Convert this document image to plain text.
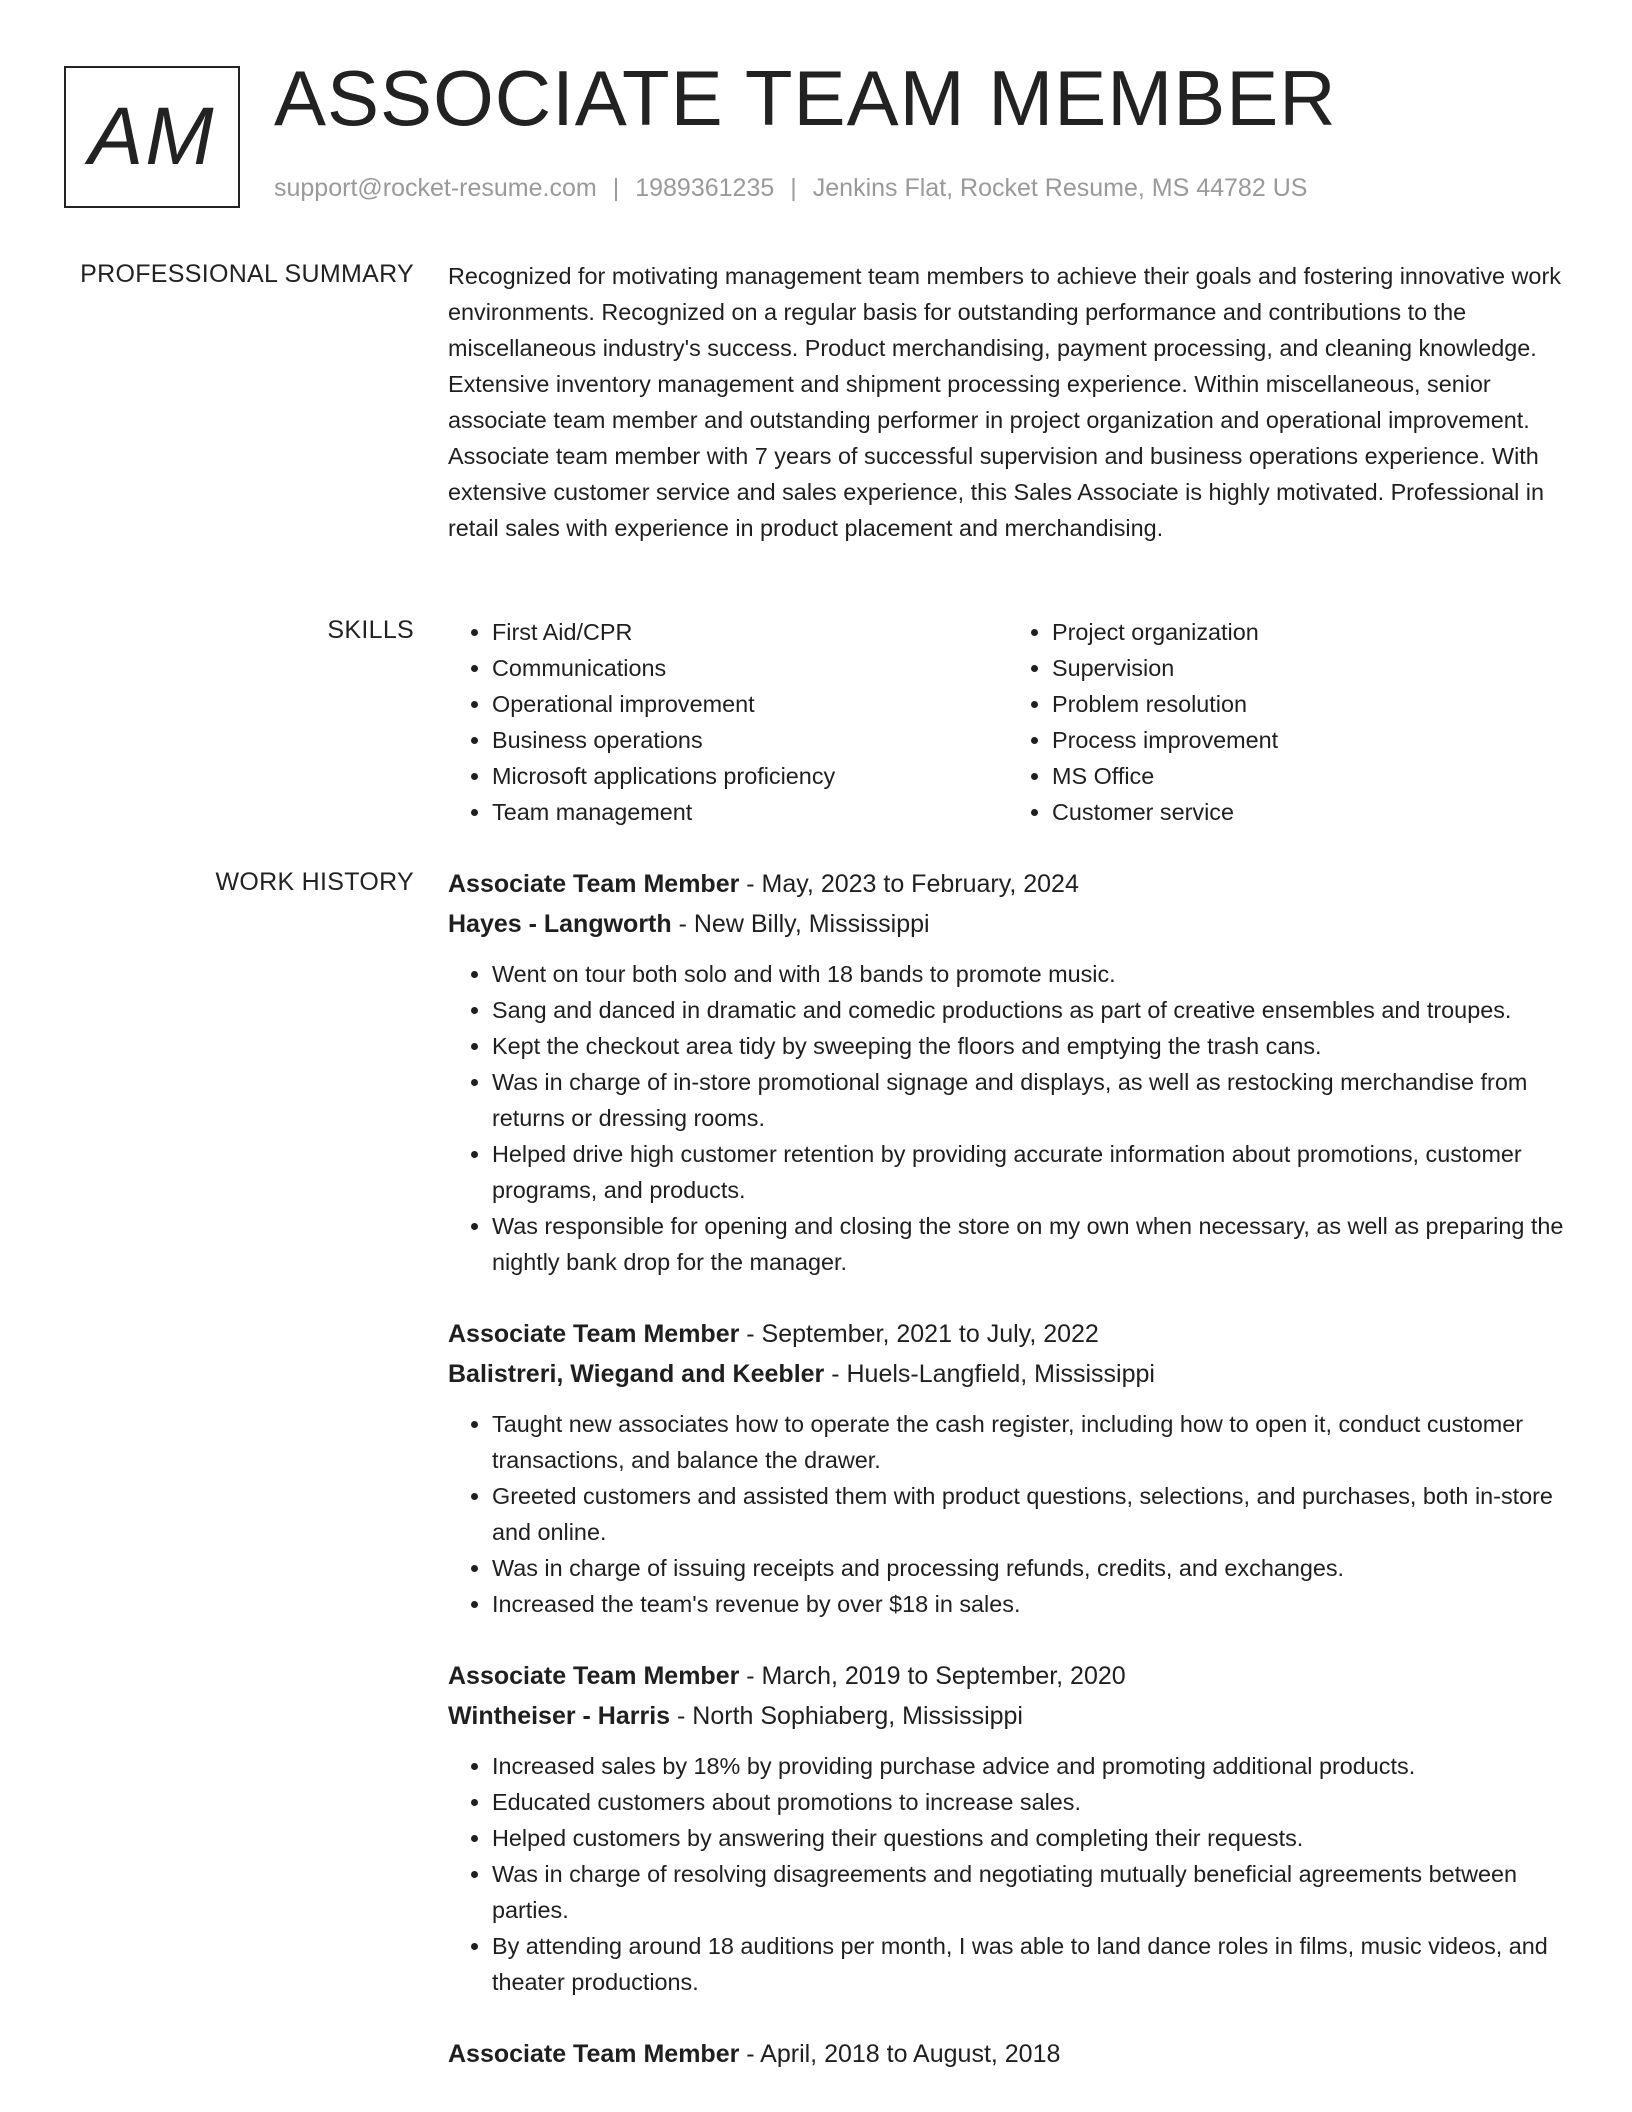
AM ASSOCIATE TEAM MEMBER
support@rocket-resume.com | 1989361235 | Jenkins Flat, Rocket Resume, MS 44782 US
PROFESSIONAL SUMMARY Recognized for motivating management team members to achieve their goals and fostering innovative work environments. Recognized on a regular basis for outstanding performance and contributions to the miscellaneous industry's success. Product merchandising, payment processing, and cleaning knowledge. Extensive inventory management and shipment processing experience. Within miscellaneous, senior associate team member and outstanding performer in project organization and operational improvement. Associate team member with 7 years of successful supervision and business operations experience. With extensive customer service and sales experience, this Sales Associate is highly motivated. Professional in retail sales with experience in product placement and merchandising.

SKILLS
•	First Aid/CPR
• Communications
• Operational improvement
• Business operations
• Microsoft applications proficiency
• Team management
• Project organization
• Supervision
• Problem resolution
• Process improvement
• MS Office
• Customer service
WORK HISTORY Associate Team Member - May, 2023 to February, 2024
Hayes - Langworth - New Billy, Mississippi
• Went on tour both solo and with 18 bands to promote music.
• Sang and danced in dramatic and comedic productions as part of creative ensembles and troupes.
• Kept the checkout area tidy by sweeping the floors and emptying the trash cans.
• Was in charge of in-store promotional signage and displays, as well as restocking merchandise from returns or dressing rooms.
• Helped drive high customer retention by providing accurate information about promotions, customer programs, and products.
• Was responsible for opening and closing the store on my own when necessary, as well as preparing the nightly bank drop for the manager.
Associate Team Member - September, 2021 to July, 2022
Balistreri, Wiegand and Keebler - Huels-Langfield, Mississippi
• Taught new associates how to operate the cash register, including how to open it, conduct customer transactions, and balance the drawer.
• Greeted customers and assisted them with product questions, selections, and purchases, both in-store and online.
• Was in charge of issuing receipts and processing refunds, credits, and exchanges.
• Increased the team's revenue by over $18 in sales.
Associate Team Member - March, 2019 to September, 2020
Wintheiser - Harris - North Sophiaberg, Mississippi
• Increased sales by 18% by providing purchase advice and promoting additional products.
• Educated customers about promotions to increase sales.
• Helped customers by answering their questions and completing their requests.
• Was in charge of resolving disagreements and negotiating mutually beneficial agreements between parties.
• By attending around 18 auditions per month, I was able to land dance roles in films, music videos, and theater productions.
Associate Team Member - April, 2018 to August, 2018
